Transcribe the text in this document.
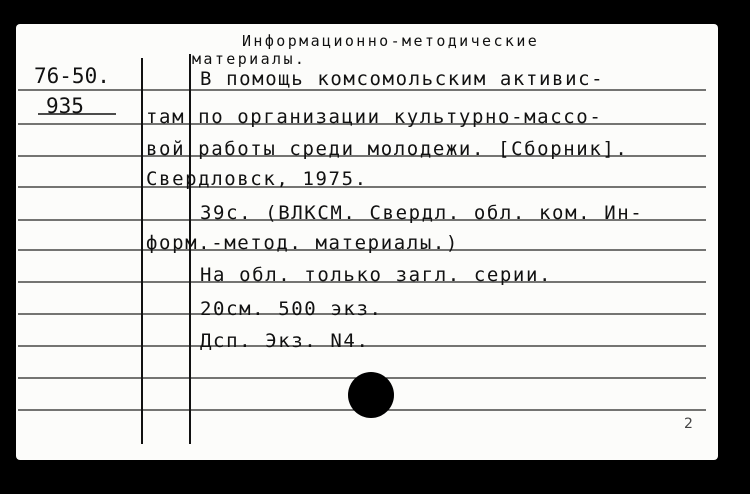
76-50.
935
Информационно-методические
материалы.
В помощь комсомольским активис-
там по организации культурно-массо-
вой работы среди молодежи. [Сборник].
Свердловск, 1975.
39с. (ВЛКСМ. Свердл. обл. ком. Ин-
форм.-метод. материалы.)
На обл. только загл. серии.
20см. 500 экз.
Дсп. Экз. N4.
2
